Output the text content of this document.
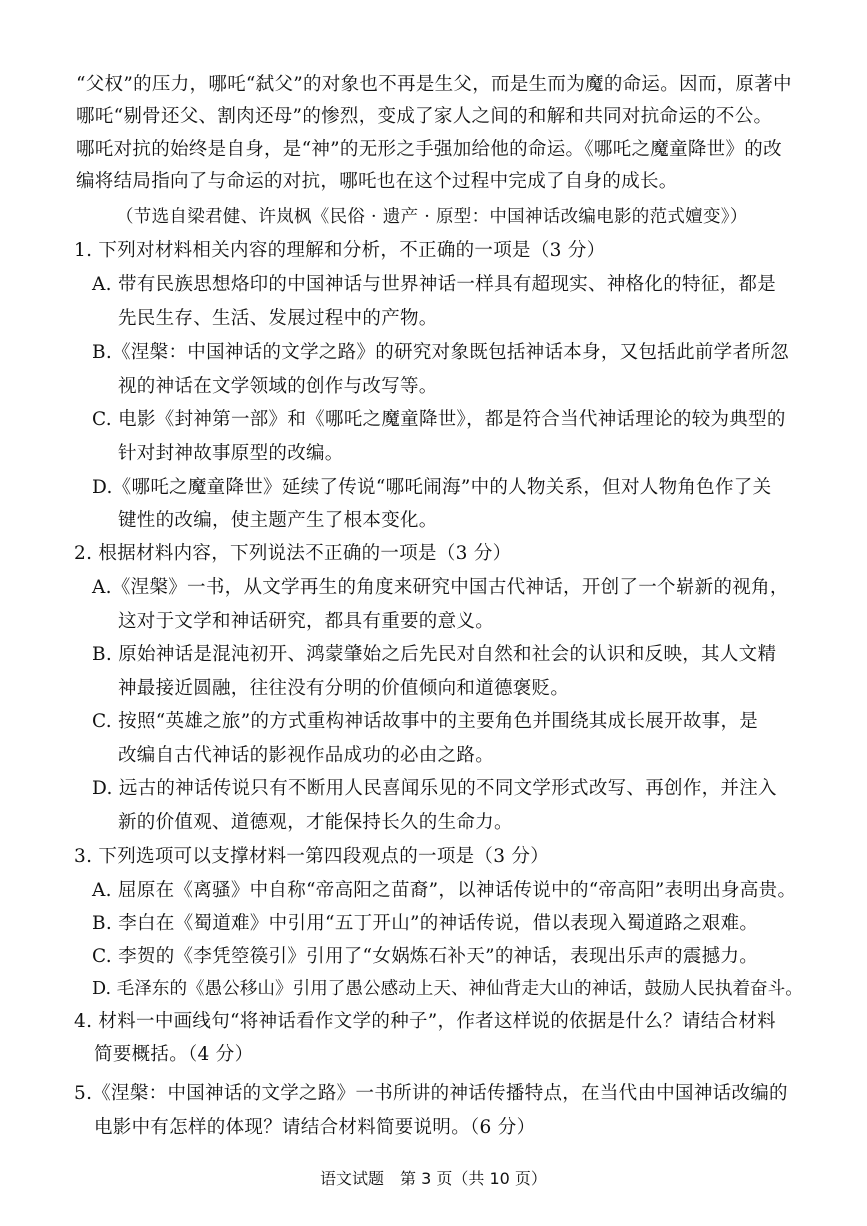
“父权”的压力，哪吒“弑父”的对象也不再是生父，而是生而为魔的命运。因而，原著中
哪吒“剔骨还父、割肉还母”的惨烈，变成了家人之间的和解和共同对抗命运的不公。
哪吒对抗的始终是自身，是“神”的无形之手强加给他的命运。《哪吒之魔童降世》的改
编将结局指向了与命运的对抗，哪吒也在这个过程中完成了自身的成长。
（节选自梁君健、许岚枫《民俗 · 遗产 · 原型：中国神话改编电影的范式嬗变》）
1. 下列对材料相关内容的理解和分析，不正确的一项是（3 分）
A. 带有民族思想烙印的中国神话与世界神话一样具有超现实、神格化的特征，都是
先民生存、生活、发展过程中的产物。
B.《涅槃：中国神话的文学之路》的研究对象既包括神话本身，又包括此前学者所忽
视的神话在文学领域的创作与改写等。
C. 电影《封神第一部》和《哪吒之魔童降世》，都是符合当代神话理论的较为典型的
针对封神故事原型的改编。
D.《哪吒之魔童降世》延续了传说“哪吒闹海”中的人物关系，但对人物角色作了关
键性的改编，使主题产生了根本变化。
2. 根据材料内容，下列说法不正确的一项是（3 分）
A.《涅槃》一书，从文学再生的角度来研究中国古代神话，开创了一个崭新的视角，
这对于文学和神话研究，都具有重要的意义。
B. 原始神话是混沌初开、鸿蒙肇始之后先民对自然和社会的认识和反映，其人文精
神最接近圆融，往往没有分明的价值倾向和道德褒贬。
C. 按照“英雄之旅”的方式重构神话故事中的主要角色并围绕其成长展开故事，是
改编自古代神话的影视作品成功的必由之路。
D. 远古的神话传说只有不断用人民喜闻乐见的不同文学形式改写、再创作，并注入
新的价值观、道德观，才能保持长久的生命力。
3. 下列选项可以支撑材料一第四段观点的一项是（3 分）
A. 屈原在《离骚》中自称“帝高阳之苗裔”，以神话传说中的“帝高阳”表明出身高贵。
B. 李白在《蜀道难》中引用“五丁开山”的神话传说，借以表现入蜀道路之艰难。
C. 李贺的《李凭箜篌引》引用了“女娲炼石补天”的神话，表现出乐声的震撼力。
D. 毛泽东的《愚公移山》引用了愚公感动上天、神仙背走大山的神话，鼓励人民执着奋斗。
4. 材料一中画线句“将神话看作文学的种子”，作者这样说的依据是什么？请结合材料
简要概括。（4 分）
5.《涅槃：中国神话的文学之路》一书所讲的神话传播特点，在当代由中国神话改编的
电影中有怎样的体现？请结合材料简要说明。（6 分）
语文试题　第 3 页（共 10 页）
